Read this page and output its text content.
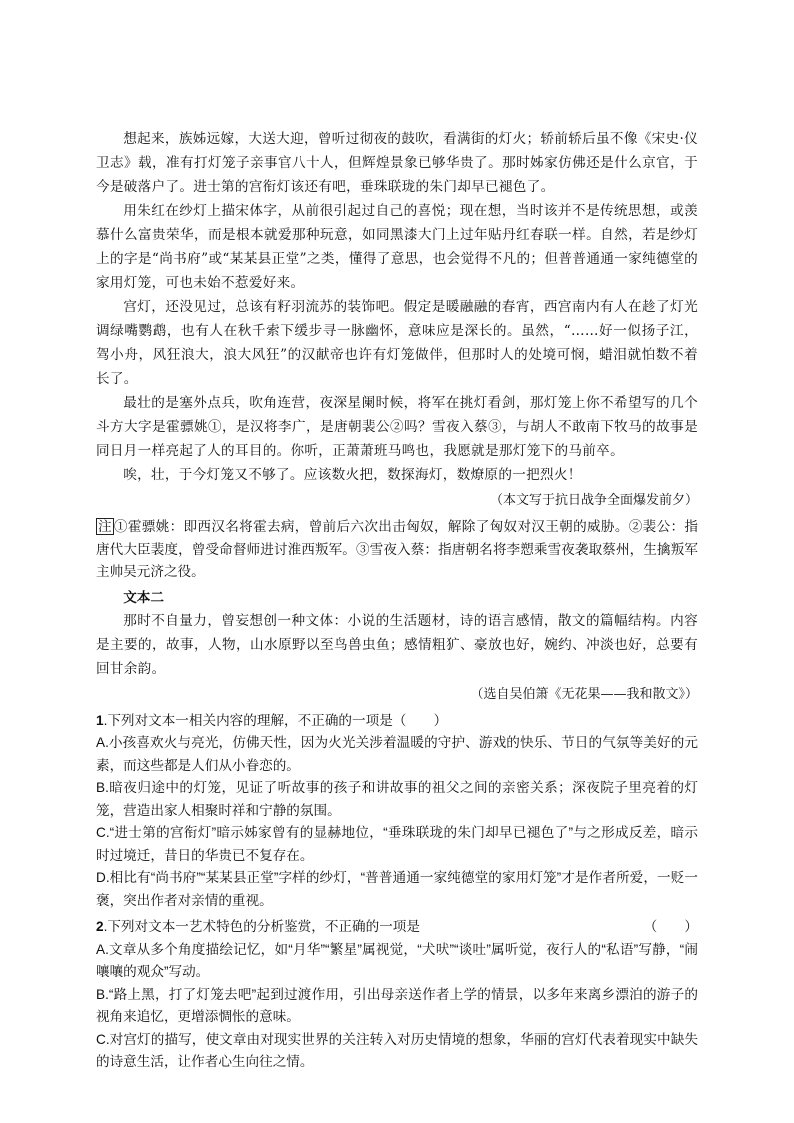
想起来，族姊远嫁，大送大迎，曾听过彻夜的鼓吹，看满街的灯火；轿前轿后虽不像《宋史·仪卫志》载，准有打灯笼子亲事官八十人，但辉煌景象已够华贵了。那时姊家仿佛还是什么京官，于今是破落户了。进士第的宫衔灯该还有吧，垂珠联珑的朱门却早已褪色了。

用朱红在纱灯上描宋体字，从前很引起过自己的喜悦；现在想，当时该并不是传统思想，或羡慕什么富贵荣华，而是根本就爱那种玩意，如同黑漆大门上过年贴丹红春联一样。自然，若是纱灯上的字是“尚书府”或“某某县正堂”之类，懂得了意思，也会觉得不凡的；但普普通通一家纯德堂的家用灯笼，可也未始不惹爱好来。

宫灯，还没见过，总该有籽羽流苏的装饰吧。假定是暖融融的春宵，西宫南内有人在趁了灯光调绿嘴鹦鹉，也有人在秋千索下缓步寻一脉幽怀，意味应是深长的。虽然，“……好一似扬子江，驾小舟，风狂浪大，浪大风狂”的汉献帝也许有灯笼做伴，但那时人的处境可悯，蜡泪就怕数不着长了。

最壮的是塞外点兵，吹角连营，夜深星阑时候，将军在挑灯看剑，那灯笼上你不希望写的几个斗方大字是霍骠姚①，是汉将李广，是唐朝裴公②吗？雪夜入蔡③，与胡人不敢南下牧马的故事是同日月一样亮起了人的耳目的。你听，正萧萧班马鸣也，我愿就是那灯笼下的马前卒。

唉，壮，于今灯笼又不够了。应该数火把，数探海灯，数燎原的一把烈火！

（本文写于抗日战争全面爆发前夕）
注 ①霍骠姚：即西汉名将霍去病，曾前后六次出击匈奴，解除了匈奴对汉王朝的威胁。②裴公：指唐代大臣裴度，曾受命督师进讨淮西叛军。③雪夜入蔡：指唐朝名将李愬乘雪夜袭取蔡州，生擒叛军主帅吴元济之役。
文本二

那时不自量力，曾妄想创一种文体：小说的生活题材，诗的语言感情，散文的篇幅结构。内容是主要的，故事，人物，山水原野以至鸟兽虫鱼；感情粗犷、豪放也好，婉约、冲淡也好，总要有回甘余韵。

（选自吴伯箫《无花果——我和散文》）
1.下列对文本一相关内容的理解，不正确的一项是（　　）
A.小孩喜欢火与亮光，仿佛天性，因为火光关涉着温暖的守护、游戏的快乐、节日的气氛等美好的元素，而这些都是人们从小眷恋的。
B.暗夜归途中的灯笼，见证了听故事的孩子和讲故事的祖父之间的亲密关系；深夜院子里亮着的灯笼，营造出家人相聚时祥和宁静的氛围。
C.“进士第的宫衔灯”暗示姊家曾有的显赫地位，“垂珠联珑的朱门却早已褪色了”与之形成反差，暗示时过境迁，昔日的华贵已不复存在。
D.相比有“尚书府”“某某县正堂”字样的纱灯，“普普通通一家纯德堂的家用灯笼”才是作者所爱，一贬一褒，突出作者对亲情的重视。
2.下列对文本一艺术特色的分析鉴赏，不正确的一项是	（　　）
A.文章从多个角度描绘记忆，如“月华”“繁星”属视觉，“犬吠”“谈吐”属听觉，夜行人的“私语”写静，“闹嚷嚷的观众”写动。
B.“路上黑，打了灯笼去吧”起到过渡作用，引出母亲送作者上学的情景，以多年来离乡漂泊的游子的视角来追忆，更增添惆怅的意味。
C.对宫灯的描写，使文章由对现实世界的关注转入对历史情境的想象，华丽的宫灯代表着现实中缺失的诗意生活，让作者心生向往之情。
